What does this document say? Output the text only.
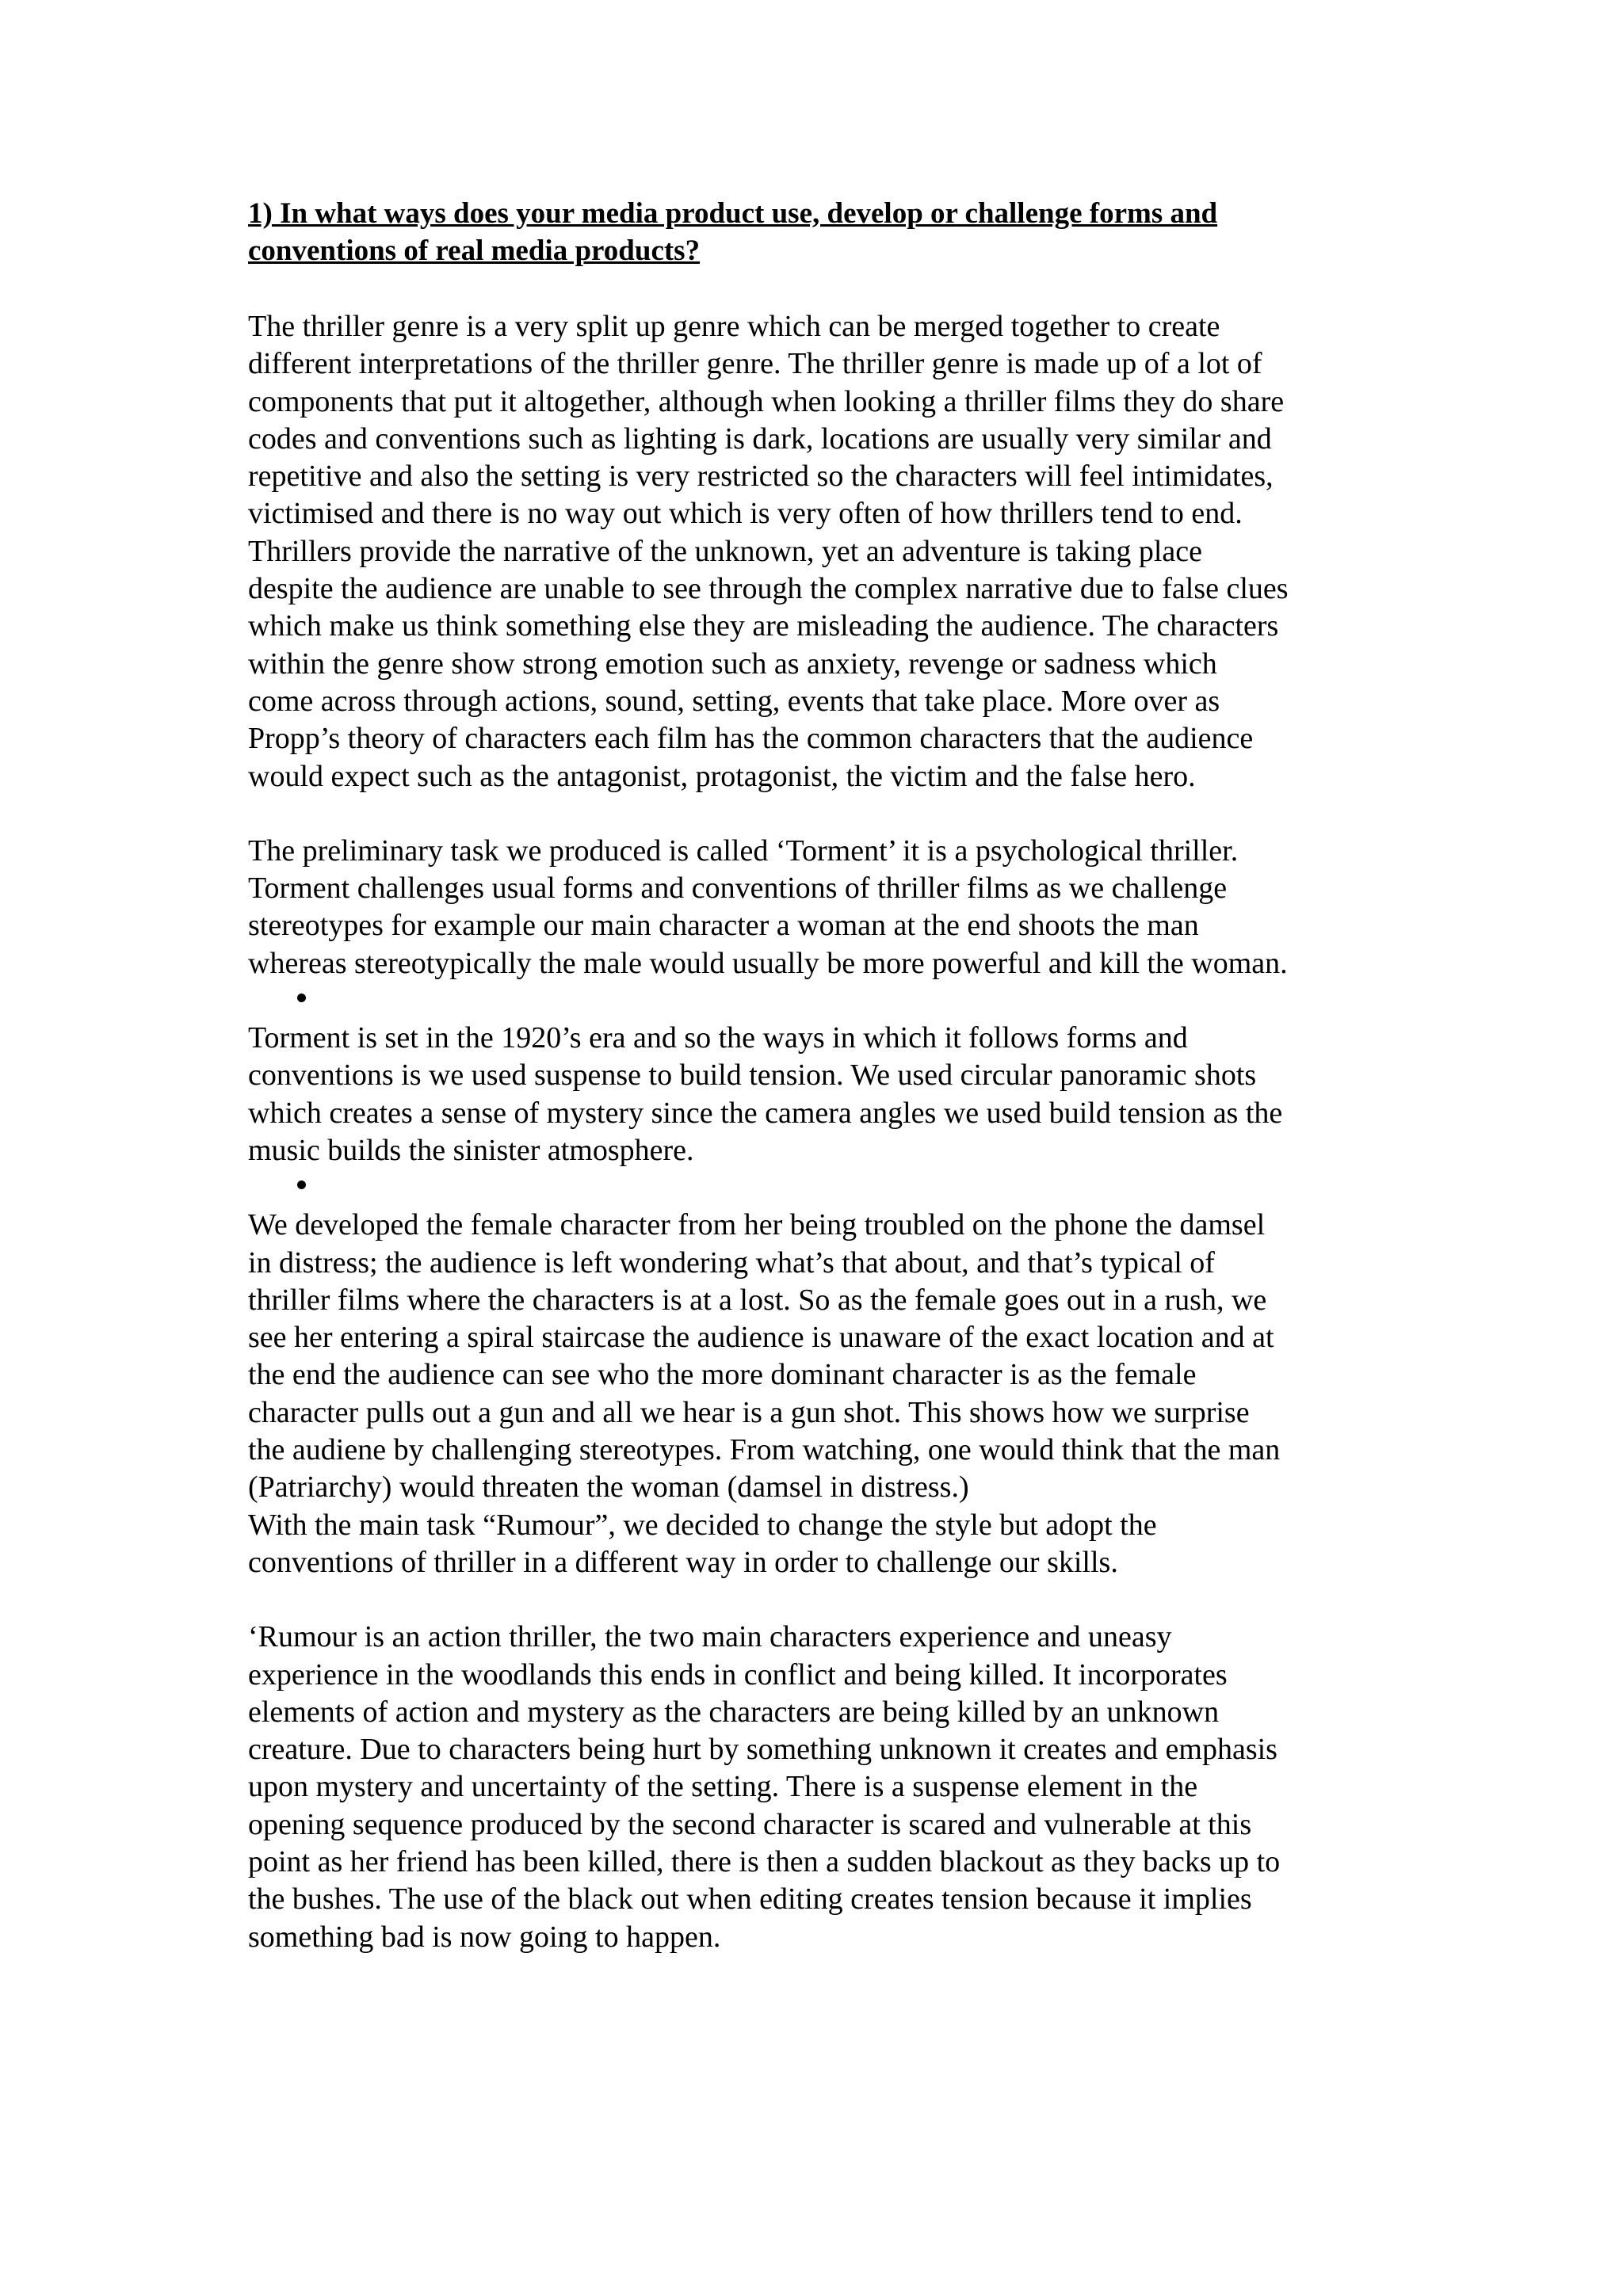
1) In what ways does your media product use, develop or challenge forms and
conventions of real media products?

The thriller genre is a very split up genre which can be merged together to create
different interpretations of the thriller genre. The thriller genre is made up of a lot of
components that put it altogether, although when looking a thriller films they do share
codes and conventions such as lighting is dark, locations are usually very similar and
repetitive and also the setting is very restricted so the characters will feel intimidates,
victimised and there is no way out which is very often of how thrillers tend to end.
Thrillers provide the narrative of the unknown, yet an adventure is taking place
despite the audience are unable to see through the complex narrative due to false clues
which make us think something else they are misleading the audience. The characters
within the genre show strong emotion such as anxiety, revenge or sadness which
come across through actions, sound, setting, events that take place. More over as
Propp’s theory of characters each film has the common characters that the audience
would expect such as the antagonist, protagonist, the victim and the false hero.

The preliminary task we produced is called ‘Torment’ it is a psychological thriller.
Torment challenges usual forms and conventions of thriller films as we challenge
stereotypes for example our main character a woman at the end shoots the man
whereas stereotypically the male would usually be more powerful and kill the woman.

Torment is set in the 1920’s era and so the ways in which it follows forms and
conventions is we used suspense to build tension. We used circular panoramic shots
which creates a sense of mystery since the camera angles we used build tension as the
music builds the sinister atmosphere.

We developed the female character from her being troubled on the phone the damsel
in distress; the audience is left wondering what’s that about, and that’s typical of
thriller films where the characters is at a lost. So as the female goes out in a rush, we
see her entering a spiral staircase the audience is unaware of the exact location and at
the end the audience can see who the more dominant character is as the female
character pulls out a gun and all we hear is a gun shot. This shows how we surprise
the audiene by challenging stereotypes. From watching, one would think that the man
(Patriarchy) would threaten the woman (damsel in distress.)
With the main task “Rumour”, we decided to change the style but adopt the
conventions of thriller in a different way in order to challenge our skills.

‘Rumour is an action thriller, the two main characters experience and uneasy
experience in the woodlands this ends in conflict and being killed. It incorporates
elements of action and mystery as the characters are being killed by an unknown
creature. Due to characters being hurt by something unknown it creates and emphasis
upon mystery and uncertainty of the setting. There is a suspense element in the
opening sequence produced by the second character is scared and vulnerable at this
point as her friend has been killed, there is then a sudden blackout as they backs up to
the bushes. The use of the black out when editing creates tension because it implies
something bad is now going to happen.
